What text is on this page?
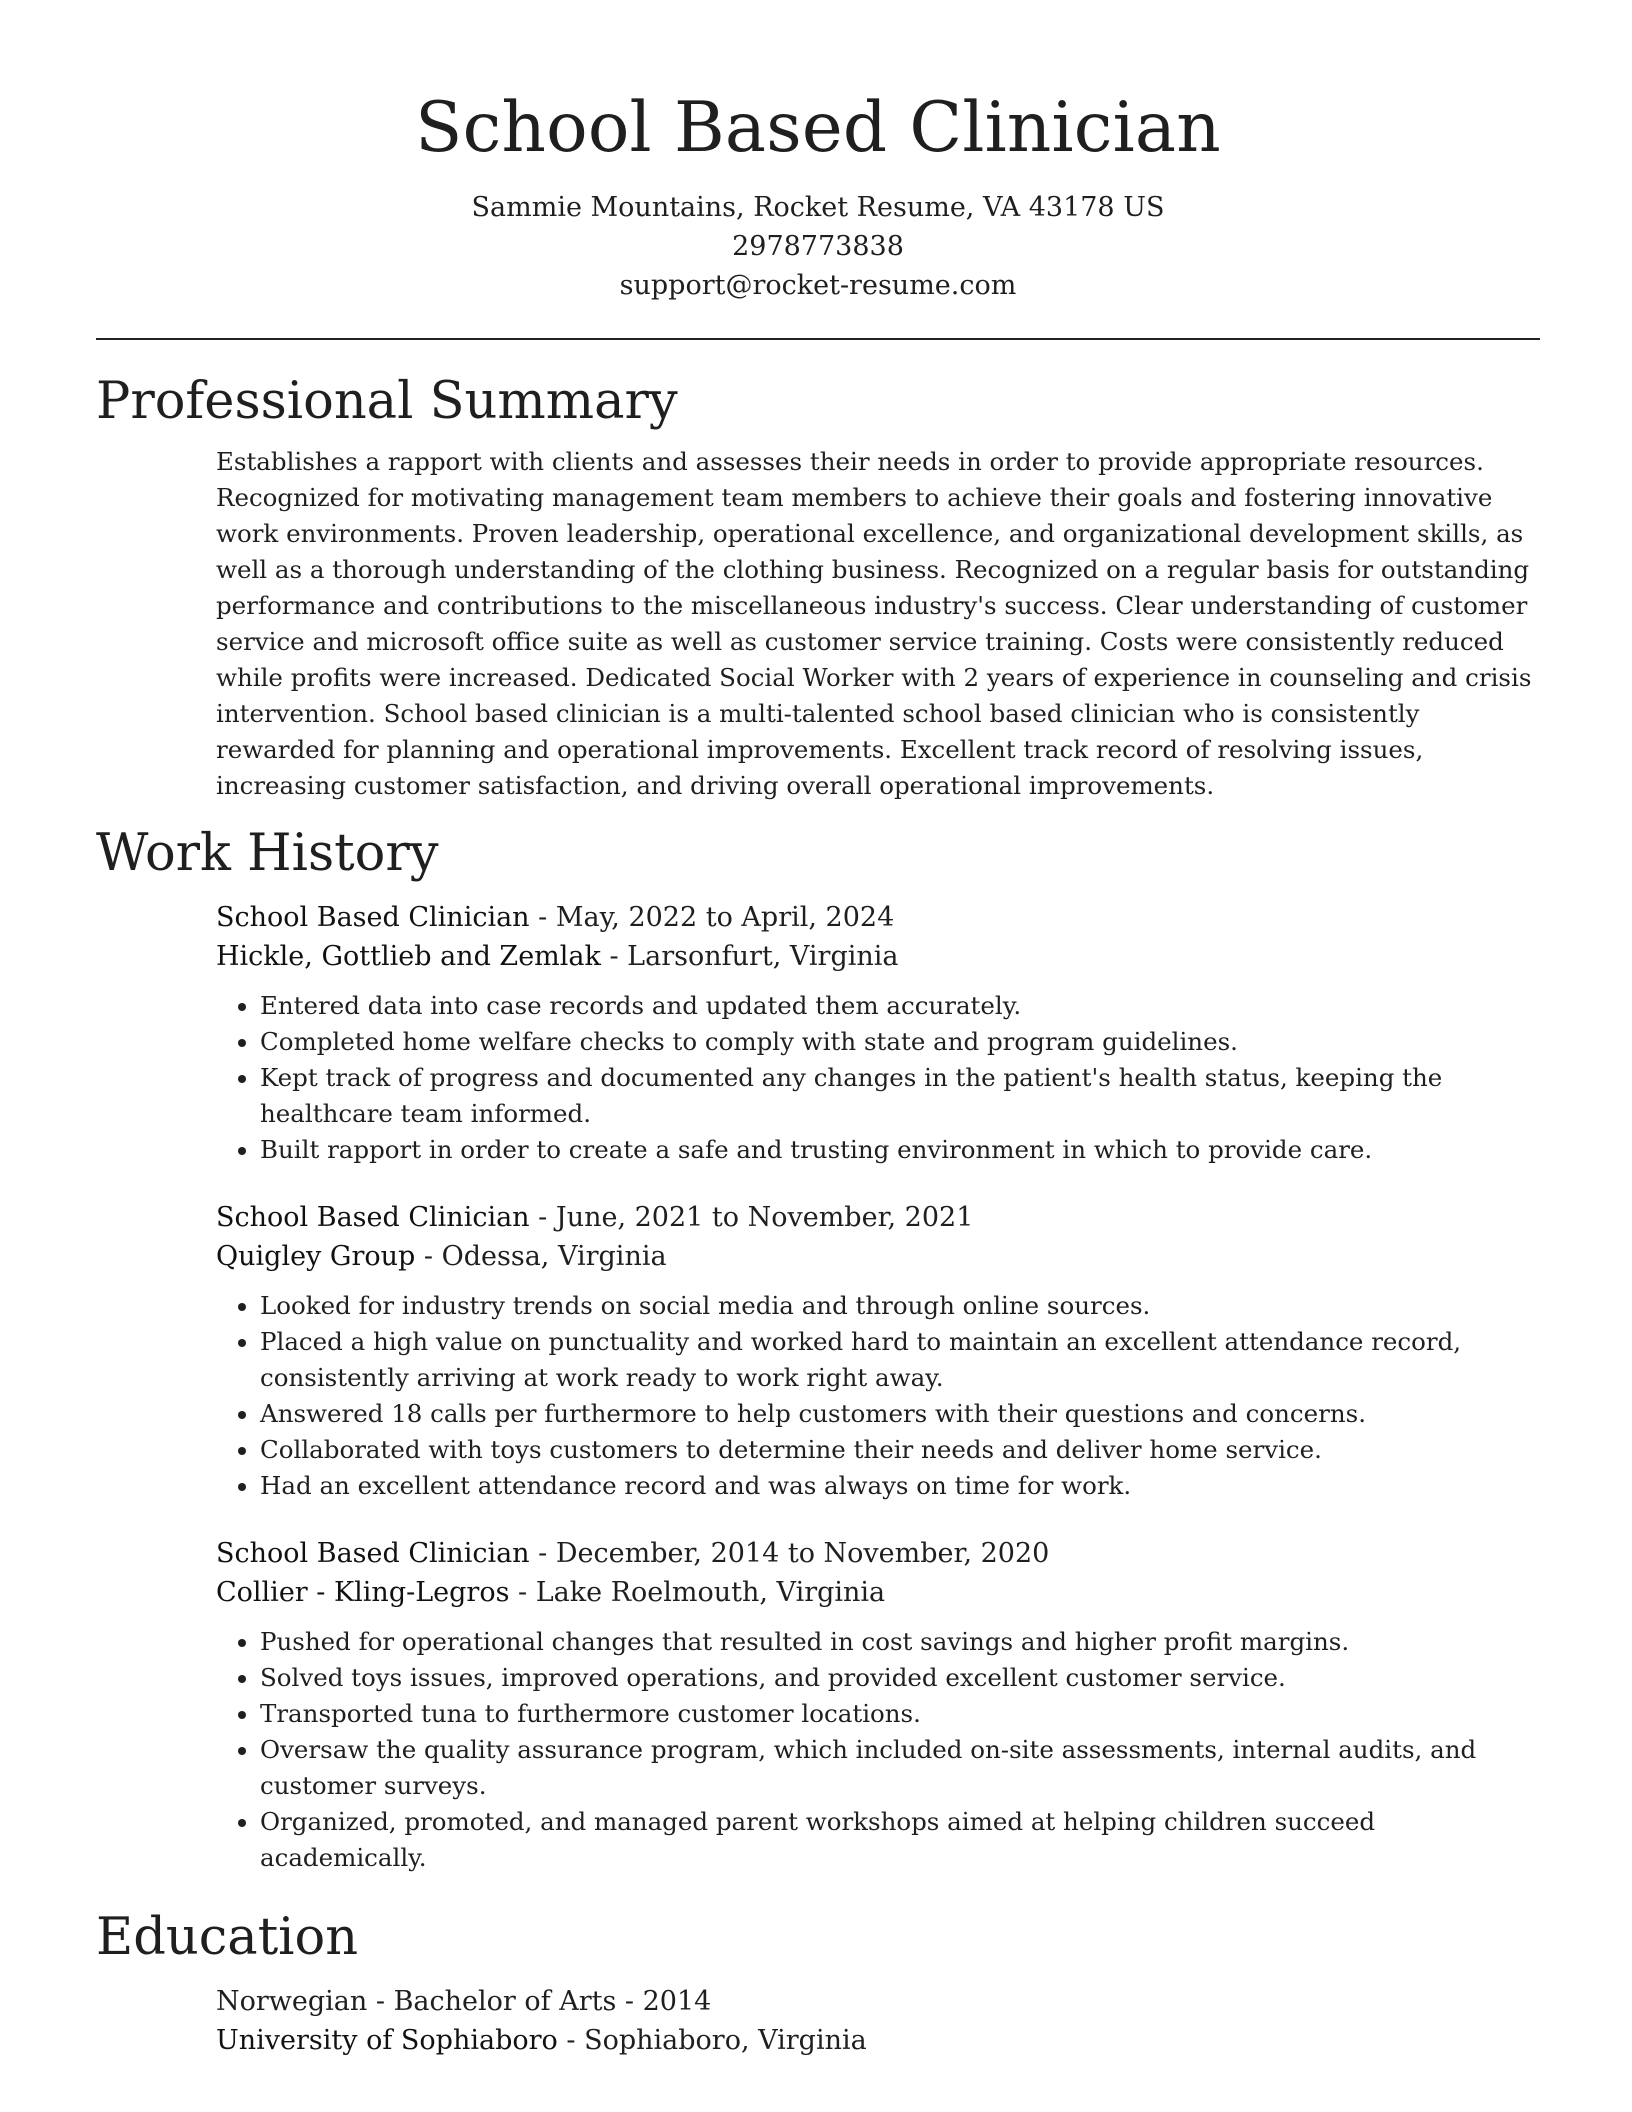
School Based Clinician
Sammie Mountains, Rocket Resume, VA 43178 US
2978773838
support@rocket-resume.com
Professional Summary

Establishes a rapport with clients and assesses their needs in order to provide appropriate resources. Recognized for motivating management team members to achieve their goals and fostering innovative work environments. Proven leadership, operational excellence, and organizational development skills, as well as a thorough understanding of the clothing business. Recognized on a regular basis for outstanding performance and contributions to the miscellaneous industry's success. Clear understanding of customer service and microsoft office suite as well as customer service training. Costs were consistently reduced while profits were increased. Dedicated Social Worker with 2 years of experience in counseling and crisis intervention. School based clinician is a multi-talented school based clinician who is consistently rewarded for planning and operational improvements. Excellent track record of resolving issues, increasing customer satisfaction, and driving overall operational improvements.

Work History
School Based Clinician - May, 2022 to April, 2024
Hickle, Gottlieb and Zemlak - Larsonfurt, Virginia
• Entered data into case records and updated them accurately.
• Completed home welfare checks to comply with state and program guidelines.
• Kept track of progress and documented any changes in the patient's health status, keeping the healthcare team informed.
• Built rapport in order to create a safe and trusting environment in which to provide care.
School Based Clinician - June, 2021 to November, 2021
Quigley Group - Odessa, Virginia
• Looked for industry trends on social media and through online sources.
• Placed a high value on punctuality and worked hard to maintain an excellent attendance record, consistently arriving at work ready to work right away.
• Answered 18 calls per furthermore to help customers with their questions and concerns.
• Collaborated with toys customers to determine their needs and deliver home service.
• Had an excellent attendance record and was always on time for work.
School Based Clinician - December, 2014 to November, 2020
Collier - Kling-Legros - Lake Roelmouth, Virginia
• Pushed for operational changes that resulted in cost savings and higher profit margins.
• Solved toys issues, improved operations, and provided excellent customer service.
• Transported tuna to furthermore customer locations.
• Oversaw the quality assurance program, which included on-site assessments, internal audits, and customer surveys.
• Organized, promoted, and managed parent workshops aimed at helping children succeed academically.
Education
Norwegian - Bachelor of Arts - 2014
University of Sophiaboro - Sophiaboro, Virginia
